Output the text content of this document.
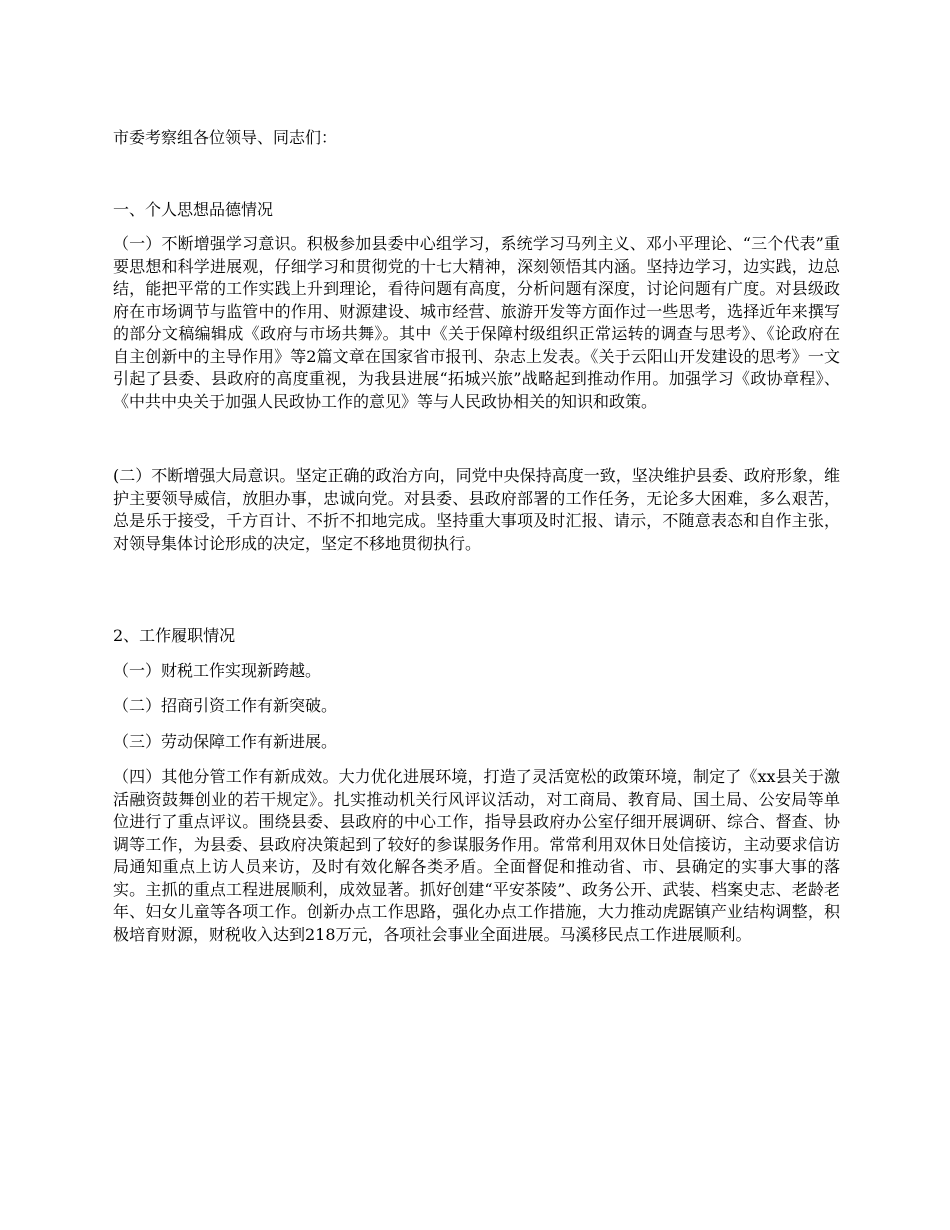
市委考察组各位领导、同志们：

一、个人思想品德情况

（一）不断增强学习意识。积极参加县委中心组学习，系统学习马列主义、邓小平理论、“三个代表”重要思想和科学进展观，仔细学习和贯彻党的十七大精神，深刻领悟其内涵。坚持边学习，边实践，边总结，能把平常的工作实践上升到理论，看待问题有高度，分析问题有深度，讨论问题有广度。对县级政府在市场调节与监管中的作用、财源建设、城市经营、旅游开发等方面作过一些思考，选择近年来撰写的部分文稿编辑成《政府与市场共舞》。其中《关于保障村级组织正常运转的调查与思考》、《论政府在自主创新中的主导作用》等2篇文章在国家省市报刊、杂志上发表。《关于云阳山开发建设的思考》一文引起了县委、县政府的高度重视，为我县进展“拓城兴旅”战略起到推动作用。加强学习《政协章程》、《中共中央关于加强人民政协工作的意见》等与人民政协相关的知识和政策。

(二）不断增强大局意识。坚定正确的政治方向，同党中央保持高度一致，坚决维护县委、政府形象，维护主要领导威信，放胆办事，忠诚向党。对县委、县政府部署的工作任务，无论多大困难，多么艰苦，总是乐于接受，千方百计、不折不扣地完成。坚持重大事项及时汇报、请示，不随意表态和自作主张，对领导集体讨论形成的决定，坚定不移地贯彻执行。

2、工作履职情况

（一）财税工作实现新跨越。

（二）招商引资工作有新突破。

（三）劳动保障工作有新进展。

（四）其他分管工作有新成效。大力优化进展环境，打造了灵活宽松的政策环境，制定了《xx县关于激活融资鼓舞创业的若干规定》。扎实推动机关行风评议活动，对工商局、教育局、国土局、公安局等单位进行了重点评议。围绕县委、县政府的中心工作，指导县政府办公室仔细开展调研、综合、督查、协调等工作，为县委、县政府决策起到了较好的参谋服务作用。常常利用双休日处信接访，主动要求信访局通知重点上访人员来访，及时有效化解各类矛盾。全面督促和推动省、市、县确定的实事大事的落实。主抓的重点工程进展顺利，成效显著。抓好创建“平安茶陵”、政务公开、武装、档案史志、老龄老年、妇女儿童等各项工作。创新办点工作思路，强化办点工作措施，大力推动虎踞镇产业结构调整，积极培育财源，财税收入达到218万元，各项社会事业全面进展。马溪移民点工作进展顺利。
